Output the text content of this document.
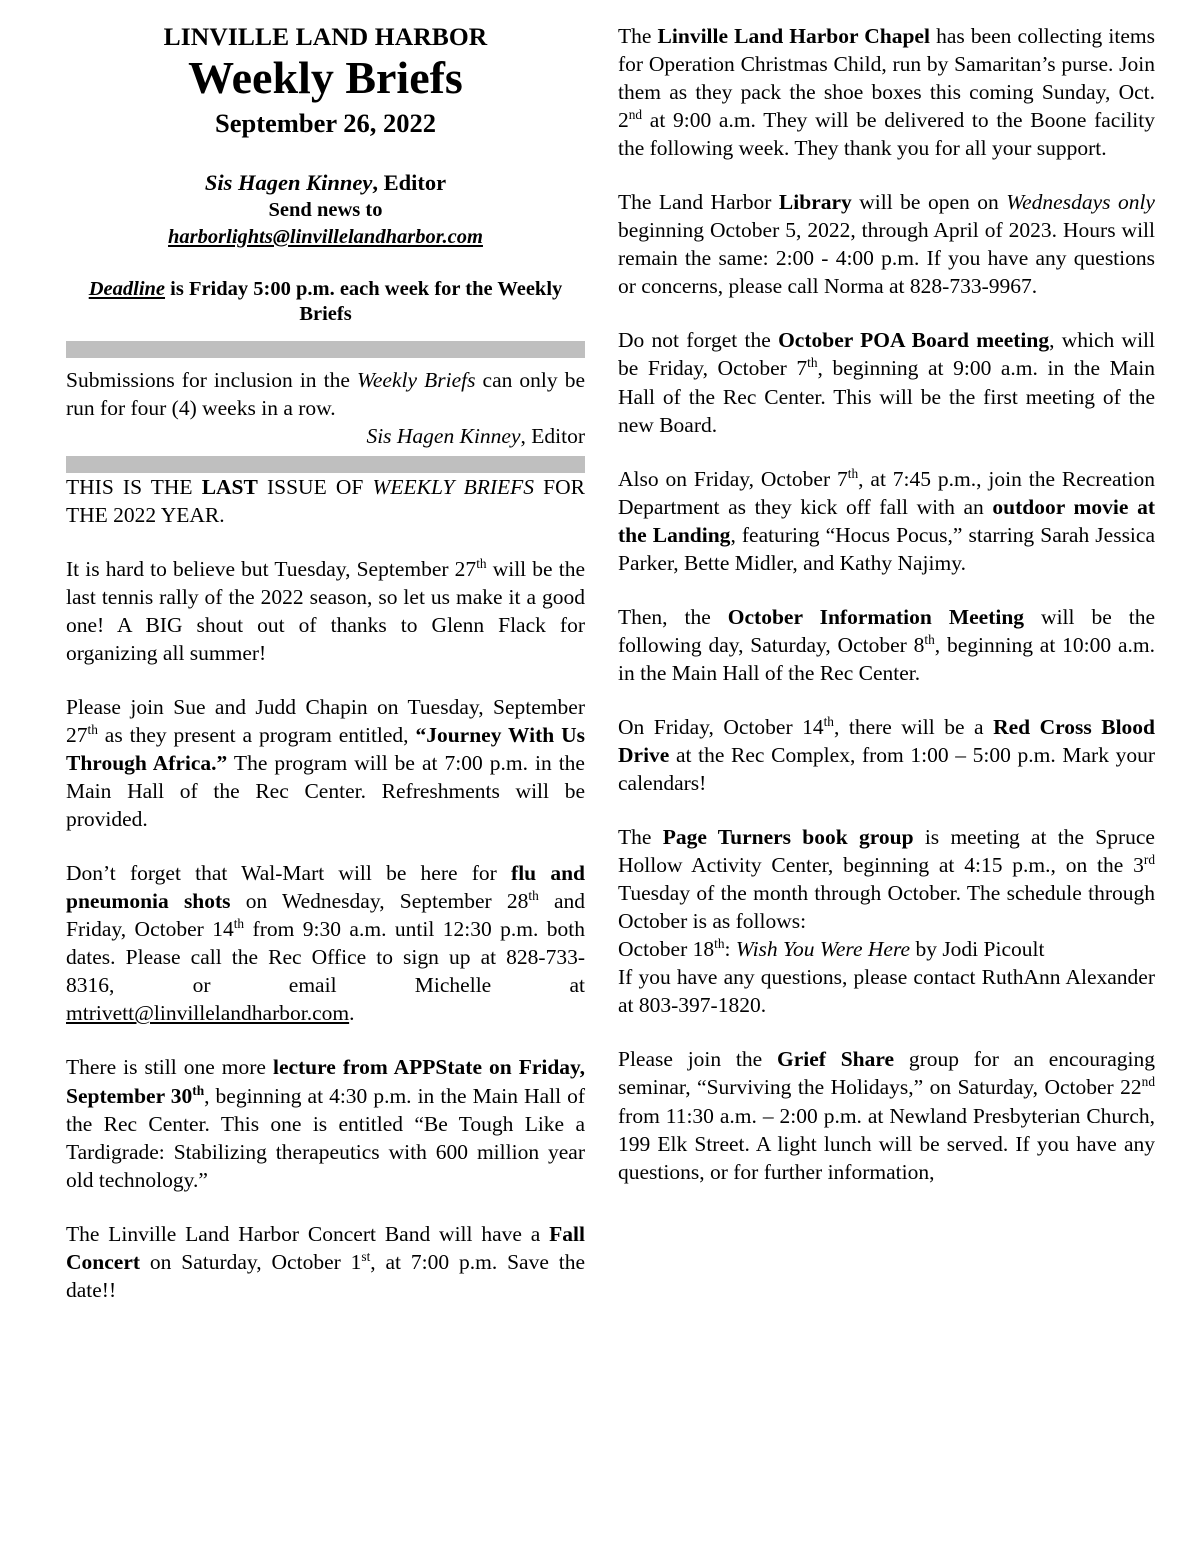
LINVILLE LAND HARBOR
Weekly Briefs
September 26, 2022
Sis Hagen Kinney, Editor
Send news to
harborlights@linvillelandharbor.com
Deadline is Friday 5:00 p.m. each week for the Weekly Briefs
Submissions for inclusion in the Weekly Briefs can only be run for four (4) weeks in a row.
Sis Hagen Kinney, Editor

THIS IS THE LAST ISSUE OF WEEKLY BRIEFS FOR THE 2022 YEAR.

It is hard to believe but Tuesday, September 27th will be the last tennis rally of the 2022 season, so let us make it a good one! A BIG shout out of thanks to Glenn Flack for organizing all summer!

Please join Sue and Judd Chapin on Tuesday, September 27th as they present a program entitled, “Journey With Us Through Africa.” The program will be at 7:00 p.m. in the Main Hall of the Rec Center. Refreshments will be provided.

Don’t forget that Wal-Mart will be here for flu and pneumonia shots on Wednesday, September 28th and Friday, October 14th from 9:30 a.m. until 12:30 p.m. both dates. Please call the Rec Office to sign up at 828-733-8316, or email Michelle at mtrivett@linvillelandharbor.com.

There is still one more lecture from APPState on Friday, September 30th, beginning at 4:30 p.m. in the Main Hall of the Rec Center. This one is entitled “Be Tough Like a Tardigrade: Stabilizing therapeutics with 600 million year old technology.”

The Linville Land Harbor Concert Band will have a Fall Concert on Saturday, October 1st, at 7:00 p.m. Save the date!!

The Linville Land Harbor Chapel has been collecting items for Operation Christmas Child, run by Samaritan’s purse. Join them as they pack the shoe boxes this coming Sunday, Oct. 2nd at 9:00 a.m. They will be delivered to the Boone facility the following week. They thank you for all your support.

The Land Harbor Library will be open on Wednesdays only beginning October 5, 2022, through April of 2023. Hours will remain the same: 2:00 - 4:00 p.m. If you have any questions or concerns, please call Norma at 828-733-9967.

Do not forget the October POA Board meeting, which will be Friday, October 7th, beginning at 9:00 a.m. in the Main Hall of the Rec Center. This will be the first meeting of the new Board.

Also on Friday, October 7th, at 7:45 p.m., join the Recreation Department as they kick off fall with an outdoor movie at the Landing, featuring “Hocus Pocus,” starring Sarah Jessica Parker, Bette Midler, and Kathy Najimy.

Then, the October Information Meeting will be the following day, Saturday, October 8th, beginning at 10:00 a.m. in the Main Hall of the Rec Center.

On Friday, October 14th, there will be a Red Cross Blood Drive at the Rec Complex, from 1:00 – 5:00 p.m. Mark your calendars!

The Page Turners book group is meeting at the Spruce Hollow Activity Center, beginning at 4:15 p.m., on the 3rd Tuesday of the month through October. The schedule through October is as follows:

October 18th: Wish You Were Here by Jodi Picoult

If you have any questions, please contact RuthAnn Alexander at 803-397-1820.

Please join the Grief Share group for an encouraging seminar, “Surviving the Holidays,” on Saturday, October 22nd from 11:30 a.m. – 2:00 p.m. at Newland Presbyterian Church, 199 Elk Street. A light lunch will be served. If you have any questions, or for further information,
